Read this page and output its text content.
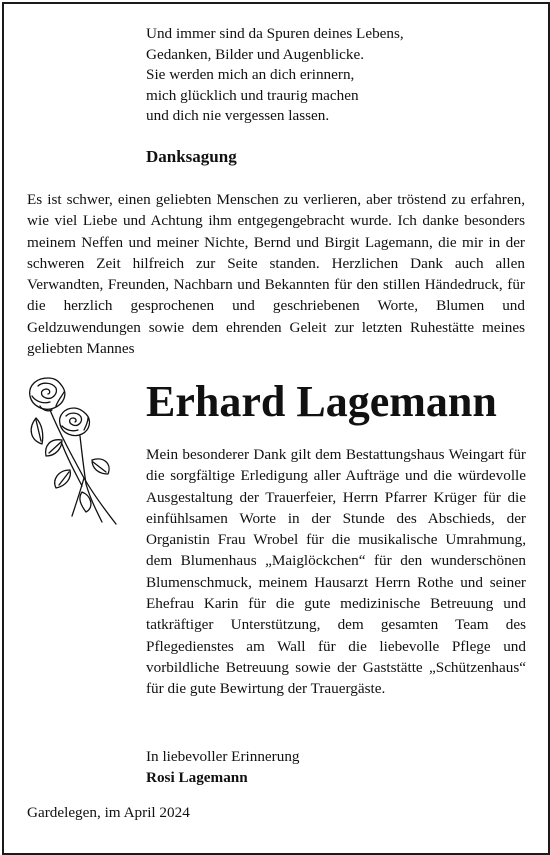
Und immer sind da Spuren deines Lebens,
Gedanken, Bilder und Augenblicke.
Sie werden mich an dich erinnern,
mich glücklich und traurig machen
und dich nie vergessen lassen.
Danksagung
Es ist schwer, einen geliebten Menschen zu verlieren, aber tröstend zu erfahren, wie viel Liebe und Achtung ihm entgegengebracht wurde. Ich danke besonders meinem Neffen und meiner Nichte, Bernd und Birgit Lagemann, die mir in der schweren Zeit hilfreich zur Seite standen. Herzlichen Dank auch allen Verwandten, Freunden, Nachbarn und Bekannten für den stillen Händedruck, für die herzlich gesprochenen und geschriebenen Worte, Blumen und Geldzuwendungen sowie dem ehrenden Geleit zur letzten Ruhestätte meines geliebten Mannes
Erhard Lagemann
Mein besonderer Dank gilt dem Bestattungshaus Weingart für die sorgfältige Erledigung aller Aufträge und die würdevolle Ausgestaltung der Trauerfeier, Herrn Pfarrer Krüger für die einfühlsamen Worte in der Stunde des Abschieds, der Organistin Frau Wrobel für die musikalische Umrahmung, dem Blumenhaus „Maiglöckchen“ für den wunderschönen Blumenschmuck, meinem Hausarzt Herrn Rothe und seiner Ehefrau Karin für die gute medizinische Betreuung und tatkräftiger Unterstützung, dem gesamten Team des Pflegedienstes am Wall für die liebevolle Pflege und vorbildliche Betreuung sowie der Gaststätte „Schützenhaus“ für die gute Bewirtung der Trauergäste.
In liebevoller Erinnerung
Rosi Lagemann
Gardelegen, im April 2024
